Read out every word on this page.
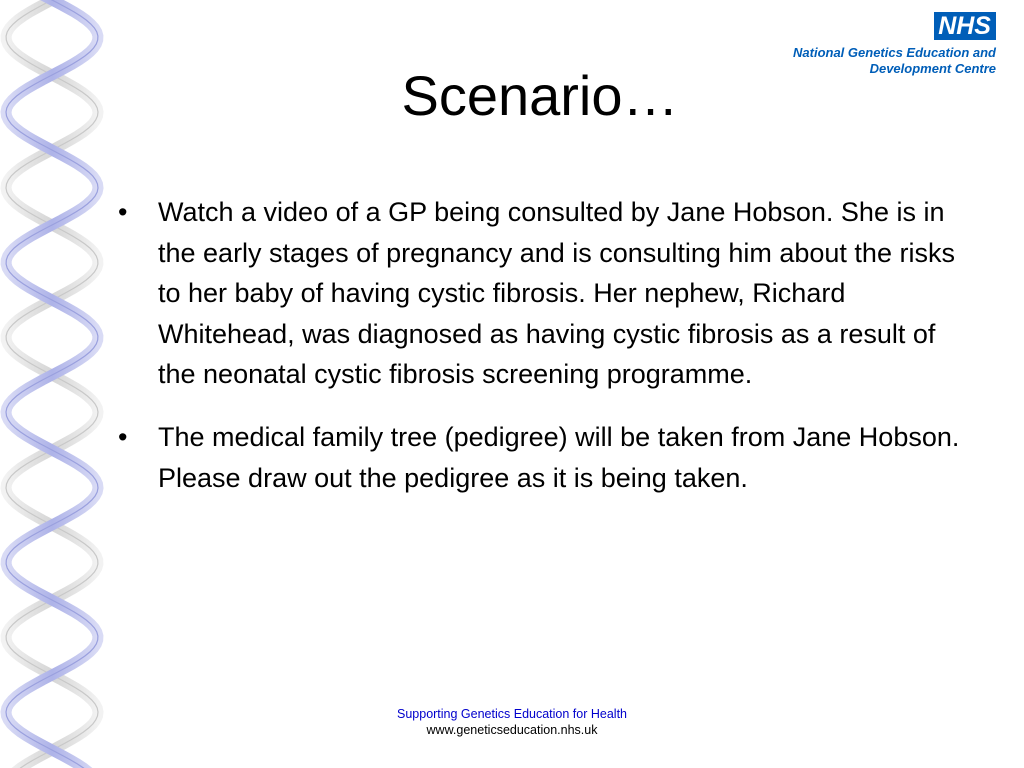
NHS
National Genetics Education and
Development Centre
Scenario…
•	Watch a video of a GP being consulted by Jane Hobson. She is in the early stages of pregnancy and is consulting him about the risks to her baby of having cystic fibrosis. Her nephew, Richard Whitehead, was diagnosed as having cystic fibrosis as a result of the neonatal cystic fibrosis screening programme.
•	The medical family tree (pedigree) will be taken from Jane Hobson. Please draw out the pedigree as it is being taken.
Supporting Genetics Education for Health
www.geneticseducation.nhs.uk
